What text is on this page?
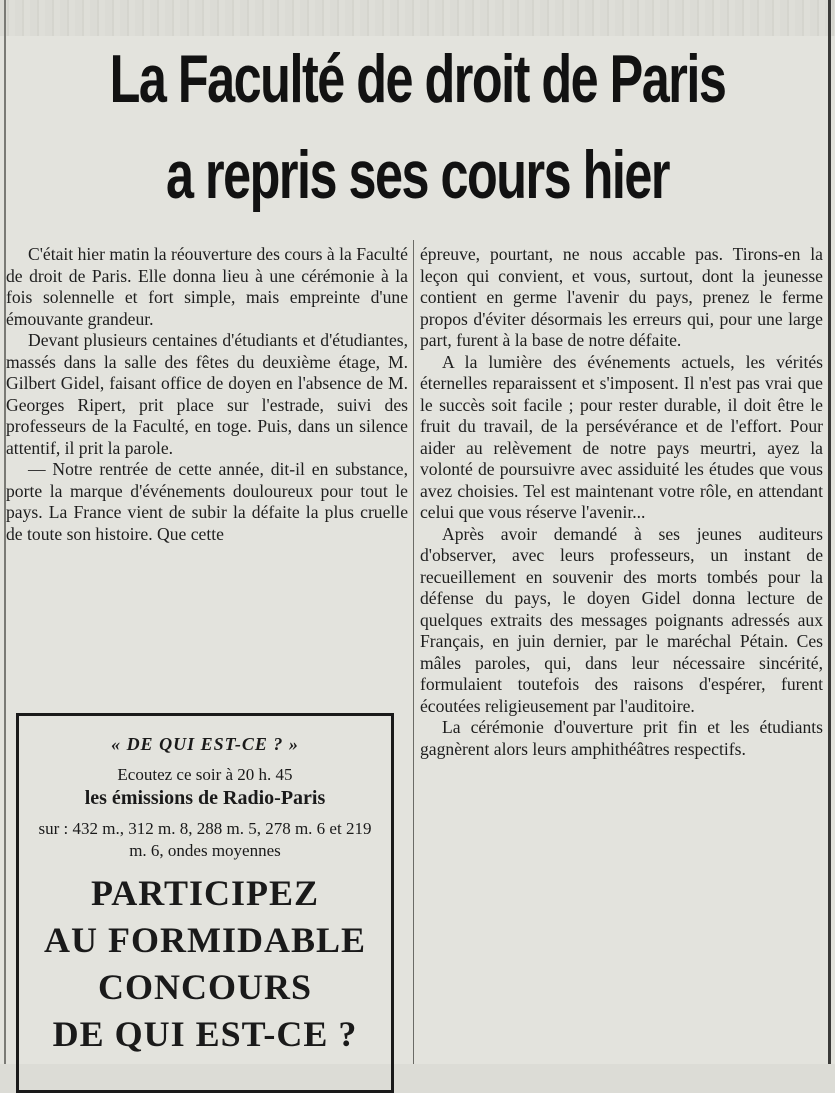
La Faculté de droit de Paris
a repris ses cours hier

C'était hier matin la réouverture des cours à la Faculté de droit de Paris. Elle donna lieu à une cérémonie à la fois solennelle et fort simple, mais empreinte d'une émouvante grandeur.

Devant plusieurs centaines d'étudiants et d'étudiantes, massés dans la salle des fêtes du deuxième étage, M. Gilbert Gidel, faisant office de doyen en l'absence de M. Georges Ripert, prit place sur l'estrade, suivi des professeurs de la Faculté, en toge. Puis, dans un silence attentif, il prit la parole.

— Notre rentrée de cette année, dit-il en substance, porte la marque d'événements douloureux pour tout le pays. La France vient de subir la défaite la plus cruelle de toute son histoire. Que cette

épreuve, pourtant, ne nous accable pas. Tirons-en la leçon qui convient, et vous, surtout, dont la jeunesse contient en germe l'avenir du pays, prenez le ferme propos d'éviter désormais les erreurs qui, pour une large part, furent à la base de notre défaite.

A la lumière des événements actuels, les vérités éternelles reparaissent et s'imposent. Il n'est pas vrai que le succès soit facile ; pour rester durable, il doit être le fruit du travail, de la persévérance et de l'effort. Pour aider au relèvement de notre pays meurtri, ayez la volonté de poursuivre avec assiduité les études que vous avez choisies. Tel est maintenant votre rôle, en attendant celui que vous réserve l'avenir...

Après avoir demandé à ses jeunes auditeurs d'observer, avec leurs professeurs, un instant de recueillement en souvenir des morts tombés pour la défense du pays, le doyen Gidel donna lecture de quelques extraits des messages poignants adressés aux Français, en juin dernier, par le maréchal Pétain. Ces mâles paroles, qui, dans leur nécessaire sincérité, formulaient toutefois des raisons d'espérer, furent écoutées religieusement par l'auditoire.

La cérémonie d'ouverture prit fin et les étudiants gagnèrent alors leurs amphithéâtres respectifs.

« DE QUI EST-CE ? »
Ecoutez ce soir à 20 h. 45
les émissions de Radio-Paris
sur : 432 m., 312 m. 8, 288 m. 5, 278 m. 6 et 219 m. 6, ondes moyennes
PARTICIPEZ
AU FORMIDABLE
CONCOURS
DE QUI EST-CE ?
